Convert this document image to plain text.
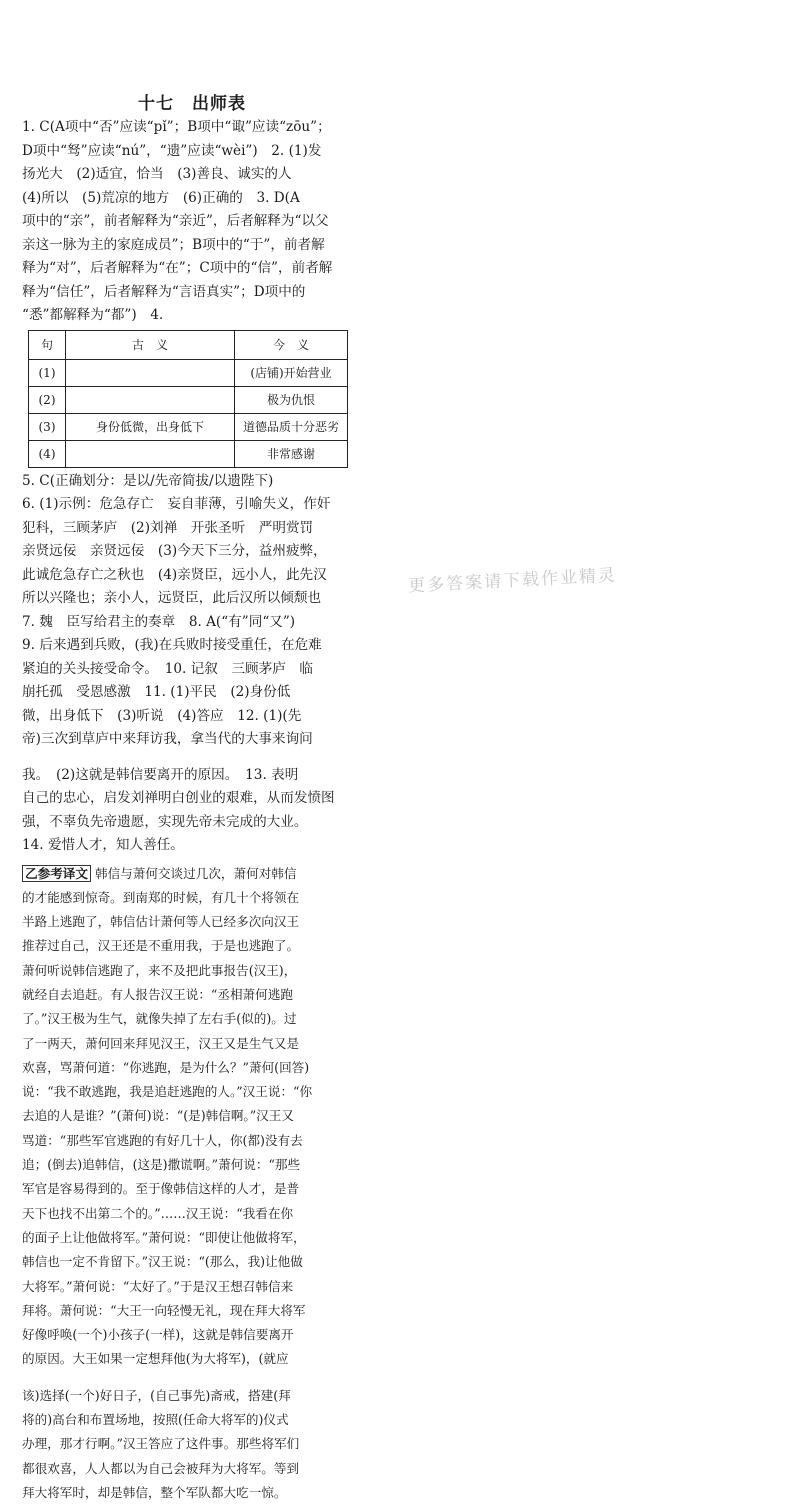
十七　出师表

1. C(A项中“否”应读“pǐ”；B项中“诹”应读“zōu”；

D项中“驽”应读“nú”，“遗”应读“wèi”)　2. (1)发

扬光大　(2)适宜，恰当　(3)善良、诚实的人

(4)所以　(5)荒凉的地方　(6)正确的　3. D(A

项中的“亲”，前者解释为“亲近”，后者解释为“以父

亲这一脉为主的家庭成员”；B项中的“于”，前者解

释为“对”，后者解释为“在”；C项中的“信”，前者解

释为“信任”，后者解释为“言语真实”；D项中的

“悉”都解释为“都”)　4.

句	古　义	今　义
(1)		(店铺)开始营业
(2)		极为仇恨
(3)	身份低微，出身低下	道德品质十分恶劣
(4)		非常感谢

5. C(正确划分：是以/先帝简拔/以遗陛下)

6. (1)示例：危急存亡　妄自菲薄，引喻失义，作奸

犯科，三顾茅庐　(2)刘禅　开张圣听　严明赏罚

亲贤远佞　亲贤远佞　(3)今天下三分，益州疲弊，

此诚危急存亡之秋也　(4)亲贤臣，远小人，此先汉

所以兴隆也；亲小人，远贤臣，此后汉所以倾颓也

7. 魏　臣写给君主的奏章　8. A(“有”同“又”)

9. 后来遇到兵败，(我)在兵败时接受重任，在危难

紧迫的关头接受命令。　10. 记叙　三顾茅庐　临

崩托孤　受恩感激　11. (1)平民　(2)身份低

微，出身低下　(3)听说　(4)答应　12. (1)(先

帝)三次到草庐中来拜访我，拿当代的大事来询问

我。　(2)这就是韩信要离开的原因。　13. 表明

自己的忠心，启发刘禅明白创业的艰难，从而发愤图

强，不辜负先帝遗愿，实现先帝未完成的大业。

14. 爱惜人才，知人善任。

乙参考译文 韩信与萧何交谈过几次，萧何对韩信

的才能感到惊奇。到南郑的时候，有几十个将领在

半路上逃跑了，韩信估计萧何等人已经多次向汉王

推荐过自己，汉王还是不重用我，于是也逃跑了。

萧何听说韩信逃跑了，来不及把此事报告(汉王)，

就经自去追赶。有人报告汉王说：“丞相萧何逃跑

了。”汉王极为生气，就像失掉了左右手(似的)。过

了一两天，萧何回来拜见汉王，汉王又是生气又是

欢喜，骂萧何道：“你逃跑，是为什么？”萧何(回答)

说：“我不敢逃跑，我是追赶逃跑的人。”汉王说：“你

去追的人是谁？”(萧何)说：“(是)韩信啊。”汉王又

骂道：“那些军官逃跑的有好几十人，你(都)没有去

追；(倒去)追韩信，(这是)撒谎啊。”萧何说：“那些

军官是容易得到的。至于像韩信这样的人才，是普

天下也找不出第二个的。”……汉王说：“我看在你

的面子上让他做将军。”萧何说：“即使让他做将军，

韩信也一定不肯留下。”汉王说：“(那么，我)让他做

大将军。”萧何说：“太好了。”于是汉王想召韩信来

拜将。萧何说：“大王一向轻慢无礼，现在拜大将军

好像呼唤(一个)小孩子(一样)，这就是韩信要离开

的原因。大王如果一定想拜他(为大将军)，(就应

该)选择(一个)好日子，(自己事先)斋戒，搭建(拜

将的)高台和布置场地，按照(任命大将军的)仪式

办理，那才行啊。”汉王答应了这件事。那些将军们

都很欢喜，人人都以为自己会被拜为大将军。等到

拜大将军时，却是韩信，整个军队都大吃一惊。

更多答案请下载作业精灵
